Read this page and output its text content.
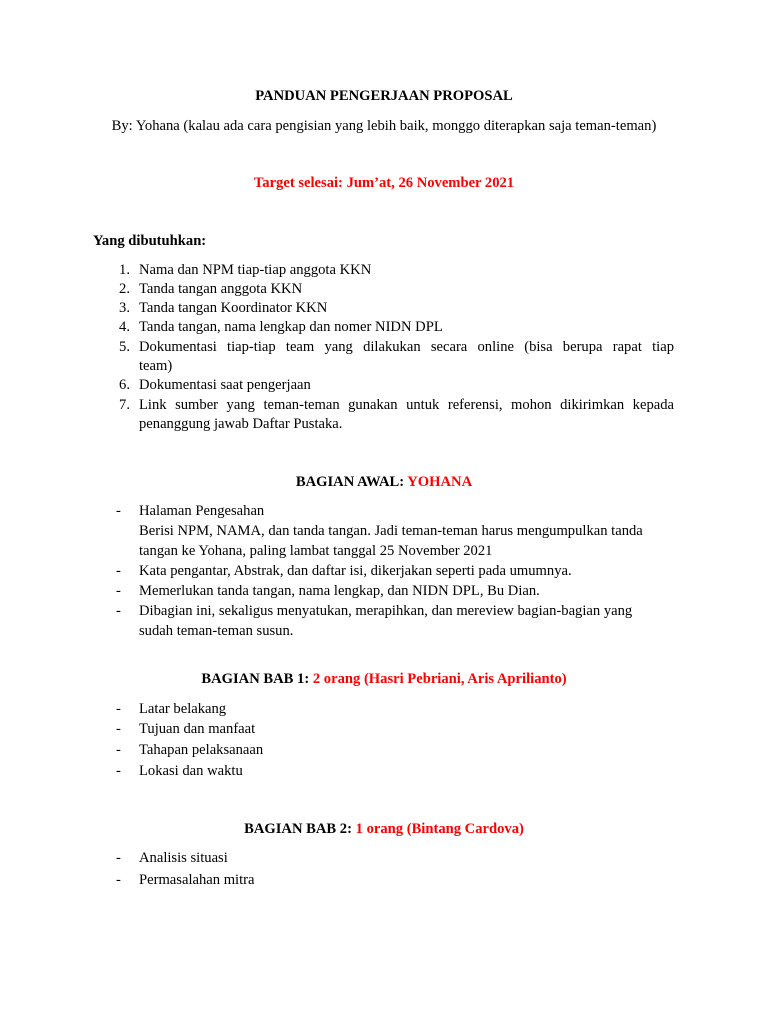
PANDUAN PENGERJAAN PROPOSAL
By: Yohana (kalau ada cara pengisian yang lebih baik, monggo diterapkan saja teman-teman)
Target selesai: Jum’at, 26 November 2021
Yang dibutuhkan:
1. Nama dan NPM tiap-tiap anggota KKN
2. Tanda tangan anggota KKN
3. Tanda tangan Koordinator KKN
4. Tanda tangan, nama lengkap dan nomer NIDN DPL
5. Dokumentasi tiap-tiap team yang dilakukan secara online (bisa berupa rapat tiap
team)
6. Dokumentasi saat pengerjaan
7. Link sumber yang teman-teman gunakan untuk referensi, mohon dikirimkan kepada
penanggung jawab Daftar Pustaka.
BAGIAN AWAL: YOHANA
- Halaman Pengesahan
Berisi NPM, NAMA, dan tanda tangan. Jadi teman-teman harus mengumpulkan tanda
tangan ke Yohana, paling lambat tanggal 25 November 2021
- Kata pengantar, Abstrak, dan daftar isi, dikerjakan seperti pada umumnya.
- Memerlukan tanda tangan, nama lengkap, dan NIDN DPL, Bu Dian.
- Dibagian ini, sekaligus menyatukan, merapihkan, dan mereview bagian-bagian yang
sudah teman-teman susun.
BAGIAN BAB 1: 2 orang (Hasri Pebriani, Aris Aprilianto)
- Latar belakang
- Tujuan dan manfaat
- Tahapan pelaksanaan
- Lokasi dan waktu
BAGIAN BAB 2: 1 orang (Bintang Cardova)
- Analisis situasi
- Permasalahan mitra
